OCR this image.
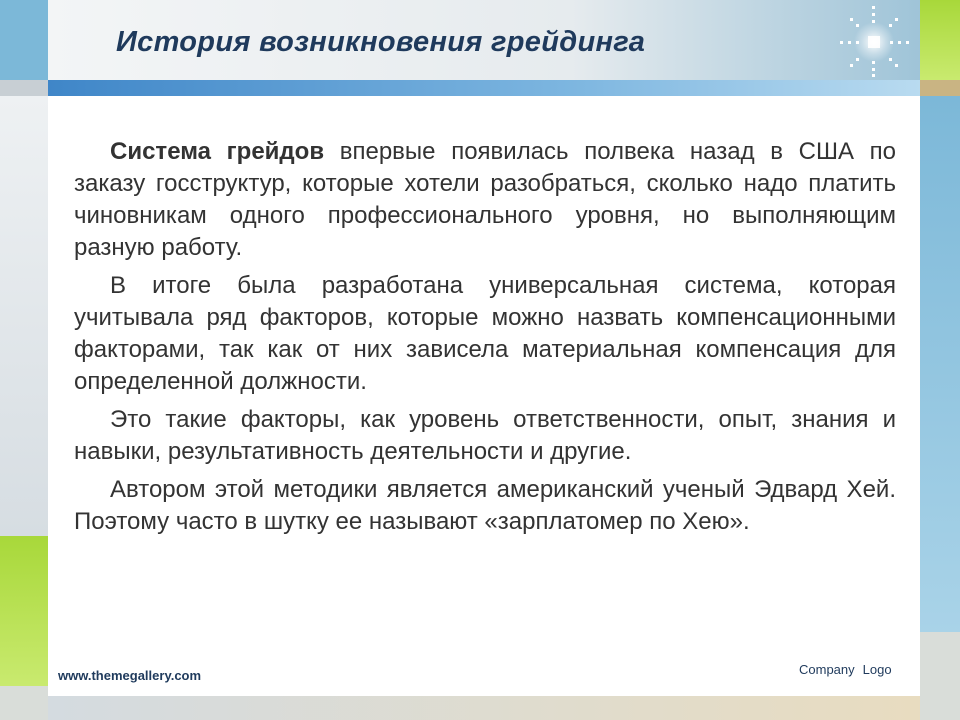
История возникновения грейдинга

Система грейдов впервые появилась полвека назад в США по заказу госструктур, которые хотели разобраться, сколько надо платить чиновникам одного профессионального уровня, но выполняющим разную работу.

В итоге была разработана универсальная система, которая учитывала ряд факторов, которые можно назвать компенсационными факторами, так как от них зависела материальная компенсация для определенной должности.

Это такие факторы, как уровень ответственности, опыт, знания и навыки, результативность деятельности и другие.

Автором этой методики является американский ученый Эдвард Хей. Поэтому часто в шутку ее называют «зарплатомер по Хею».

www.themegallery.com	Company Logo
